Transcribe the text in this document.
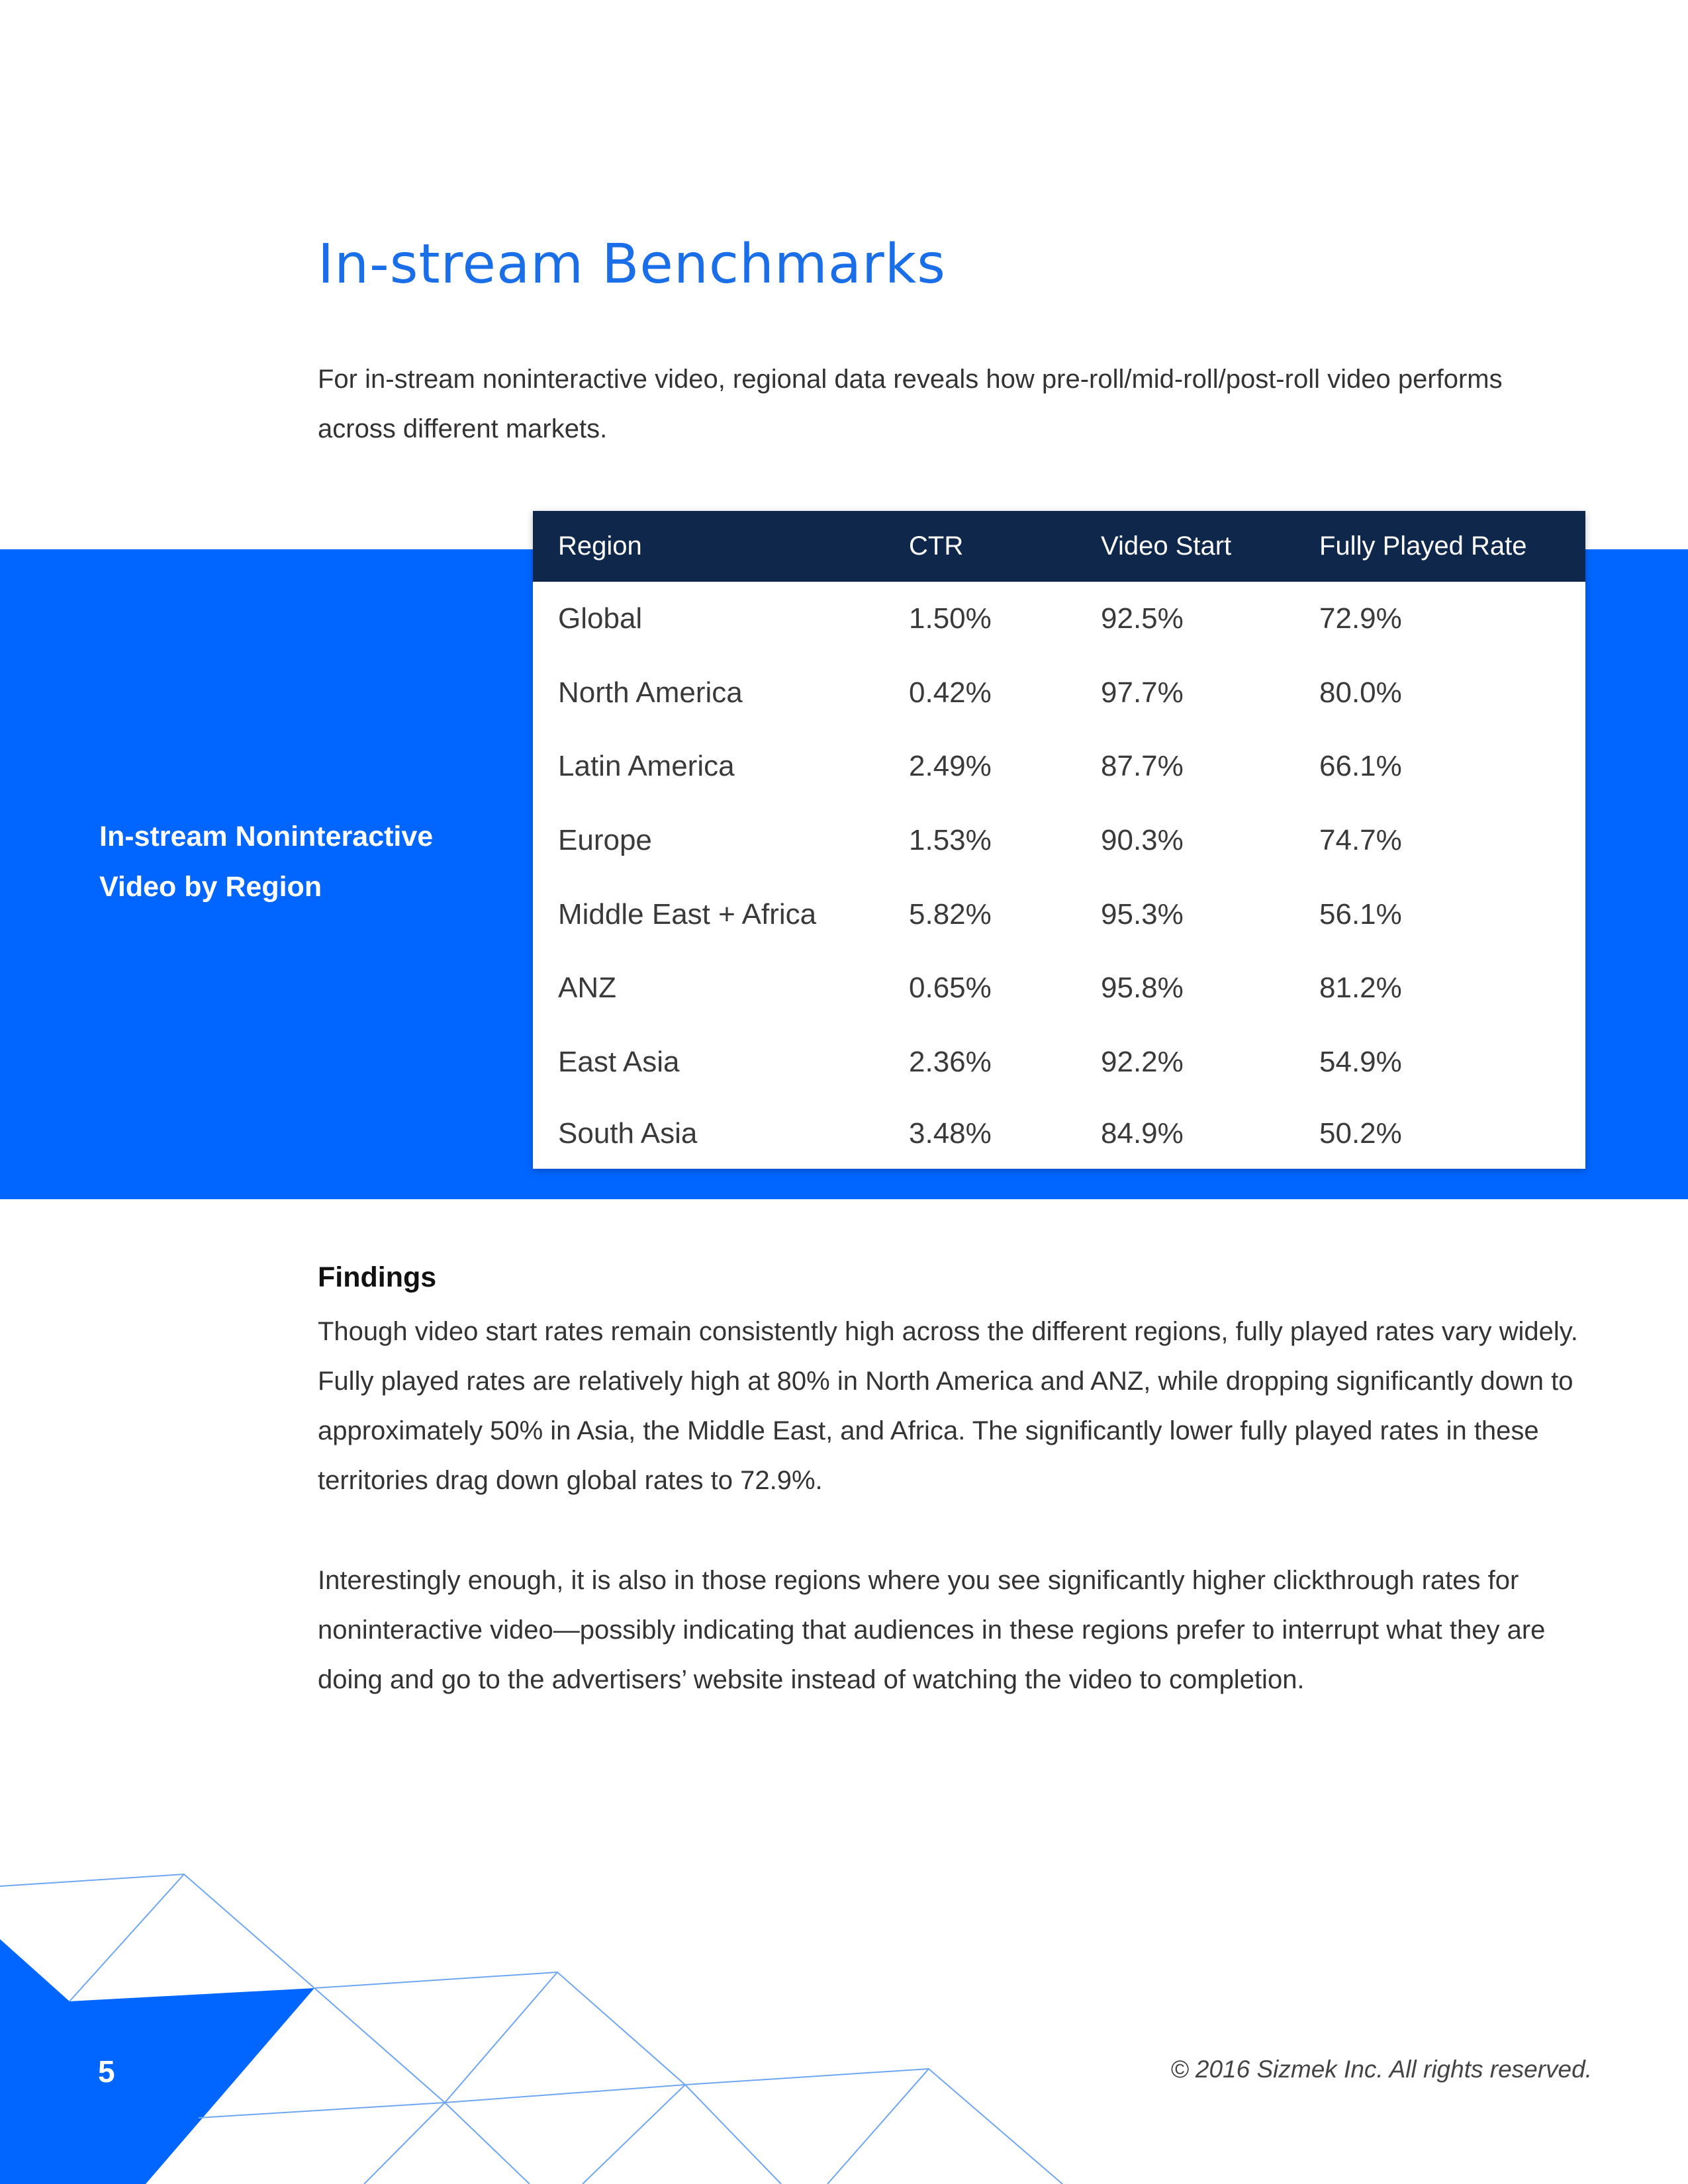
In-stream Benchmarks

For in-stream noninteractive video, regional data reveals how pre-roll/mid-roll/post-roll video performs across different markets.

In-stream Noninteractive Video by Region

Region	CTR	Video Start	Fully Played Rate
Global	1.50%	92.5%	72.9%
North America	0.42%	97.7%	80.0%
Latin America	2.49%	87.7%	66.1%
Europe	1.53%	90.3%	74.7%
Middle East + Africa	5.82%	95.3%	56.1%
ANZ	0.65%	95.8%	81.2%
East Asia	2.36%	92.2%	54.9%
South Asia	3.48%	84.9%	50.2%
Findings

Though video start rates remain consistently high across the different regions, fully played rates vary widely. Fully played rates are relatively high at 80% in North America and ANZ, while dropping significantly down to approximately 50% in Asia, the Middle East, and Africa. The significantly lower fully played rates in these territories drag down global rates to 72.9%.

Interestingly enough, it is also in those regions where you see significantly higher clickthrough rates for noninteractive video—possibly indicating that audiences in these regions prefer to interrupt what they are doing and go to the advertisers’ website instead of watching the video to completion.

5	© 2016 Sizmek Inc. All rights reserved.
